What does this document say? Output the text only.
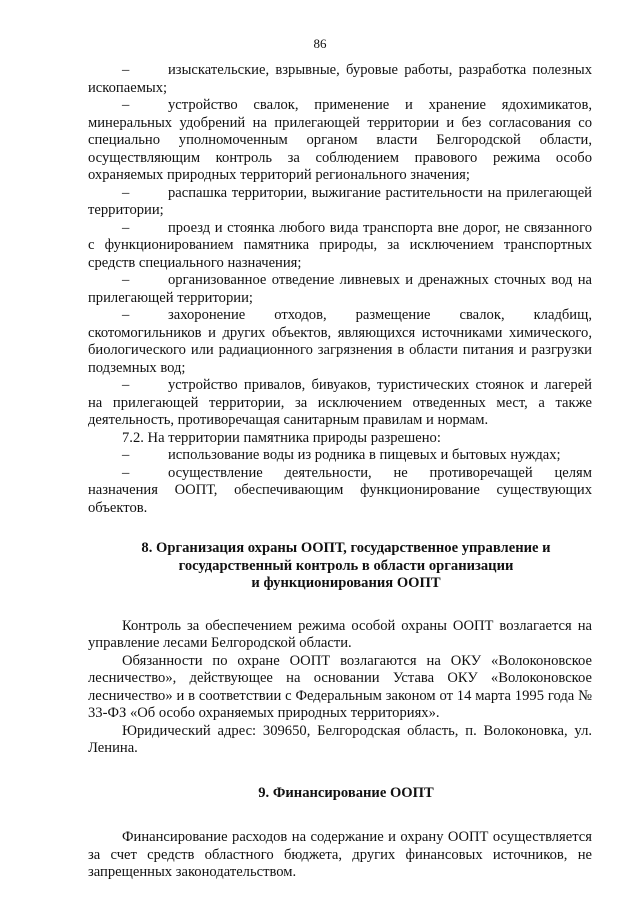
86

–	изыскательские, взрывные, буровые работы, разработка полезных ископаемых;

–	устройство свалок, применение и хранение ядохимикатов, минеральных удобрений на прилегающей территории и без согласования со специально уполномоченным органом власти Белгородской области, осуществляющим контроль за соблюдением правового режима особо охраняемых природных территорий регионального значения;

–	распашка территории, выжигание растительности на прилегающей территории;

–	проезд и стоянка любого вида транспорта вне дорог, не связанного с функционированием памятника природы, за исключением транспортных средств специального назначения;

–	организованное отведение ливневых и дренажных сточных вод на прилегающей территории;

–	захоронение отходов, размещение свалок, кладбищ, скотомогильников и других объектов, являющихся источниками химического, биологического или радиационного загрязнения в области питания и разгрузки подземных вод;

–	устройство привалов, бивуаков, туристических стоянок и лагерей на прилегающей территории, за исключением отведенных мест, а также деятельность, противоречащая санитарным правилам и нормам.

7.2. На территории памятника природы разрешено:

–	использование воды из родника в пищевых и бытовых нуждах;

–	осуществление деятельности, не противоречащей целям назначения ООПТ, обеспечивающим функционирование существующих объектов.

8. Организация охраны ООПТ, государственное управление и
государственный контроль в области организации
и функционирования ООПТ

Контроль за обеспечением режима особой охраны ООПТ возлагается на управление лесами Белгородской области.

Обязанности по охране ООПТ возлагаются на ОКУ «Волоконовское лесничество», действующее на основании Устава ОКУ «Волоконовское лесничество» и в соответствии с Федеральным законом от 14 марта 1995 года № 33-ФЗ «Об особо охраняемых природных территориях».

Юридический адрес: 309650, Белгородская область, п. Волоконовка, ул. Ленина.

9. Финансирование ООПТ

Финансирование расходов на содержание и охрану ООПТ осуществляется за счет средств областного бюджета, других финансовых источников, не запрещенных законодательством.
